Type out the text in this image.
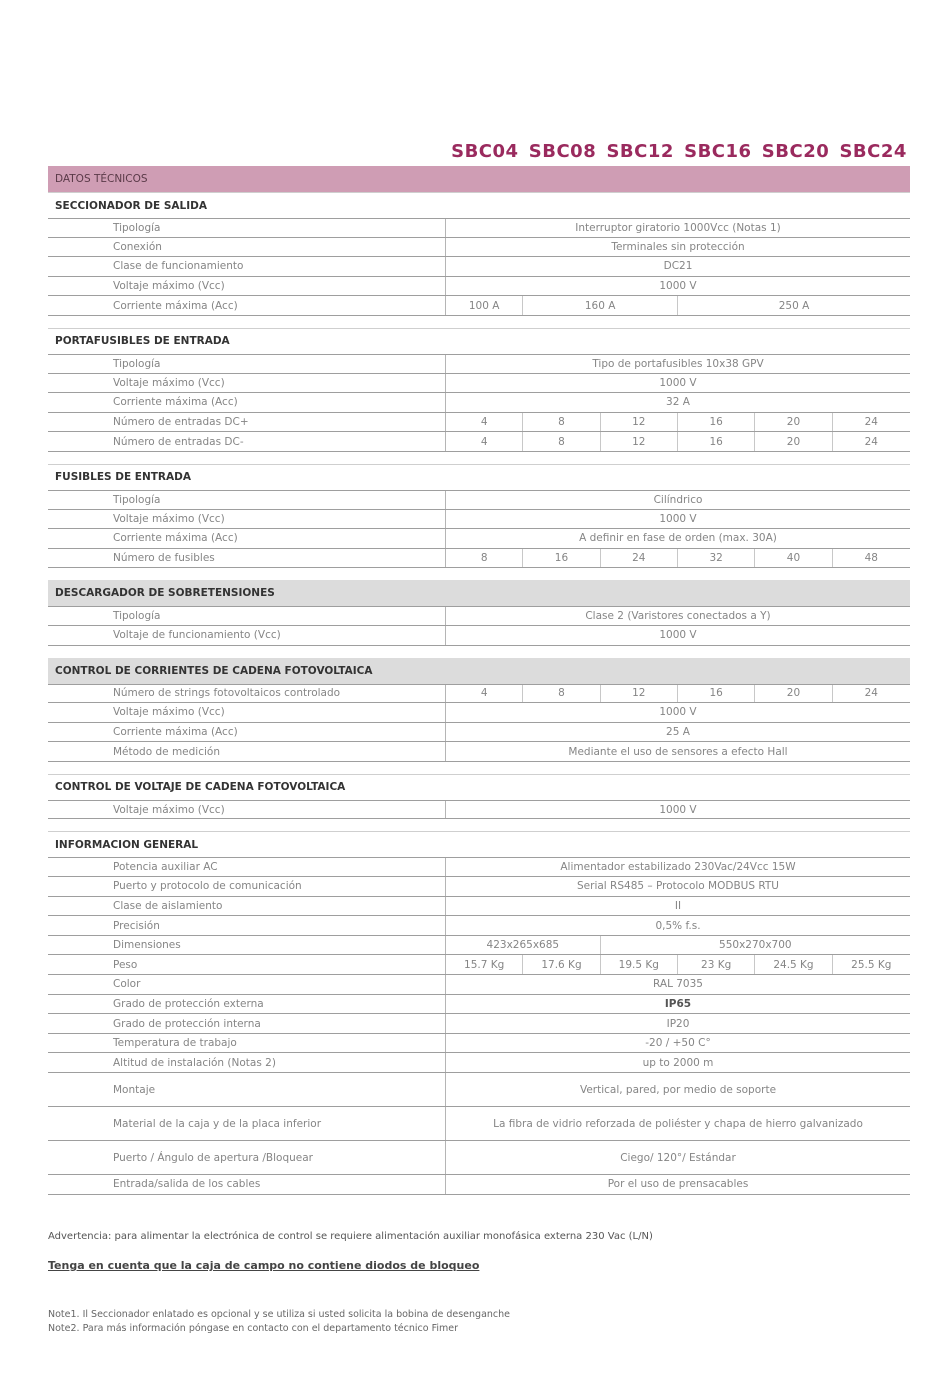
SBC04 SBC08 SBC12 SBC16 SBC20 SBC24
DATOS TÉCNICOS
SECCIONADOR DE SALIDA
Tipología	Interruptor giratorio 1000Vcc (Notas 1)
Conexión	Terminales sin protección
Clase de funcionamiento	DC21
Voltaje máximo (Vcc)	1000 V
Corriente máxima (Acc)	100 A	160 A	250 A
PORTAFUSIBLES DE ENTRADA
Tipología	Tipo de portafusibles 10x38 GPV
Voltaje máximo (Vcc)	1000 V
Corriente máxima (Acc)	32 A
Número de entradas DC+	4	8	12	16	20	24
Número de entradas DC-	4	8	12	16	20	24
FUSIBLES DE ENTRADA
Tipología	Cilíndrico
Voltaje máximo (Vcc)	1000 V
Corriente máxima (Acc)	A definir en fase de orden (max. 30A)
Número de fusibles	8	16	24	32	40	48
DESCARGADOR DE SOBRETENSIONES
Tipología	Clase 2 (Varistores conectados a Y)
Voltaje de funcionamiento (Vcc)	1000 V
CONTROL DE CORRIENTES DE CADENA FOTOVOLTAICA
Número de strings fotovoltaicos controlado	4	8	12	16	20	24
Voltaje máximo (Vcc)	1000 V
Corriente máxima (Acc)	25 A
Método de medición	Mediante el uso de sensores a efecto Hall
CONTROL DE VOLTAJE DE CADENA FOTOVOLTAICA
Voltaje máximo (Vcc)	1000 V
INFORMACION GENERAL
Potencia auxiliar AC	Alimentador estabilizado 230Vac/24Vcc 15W
Puerto y protocolo de comunicación	Serial RS485 – Protocolo MODBUS RTU
Clase de aislamiento	II
Precisión	0,5% f.s.
Dimensiones	423x265x685	550x270x700
Peso	15.7 Kg	17.6 Kg	19.5 Kg	23 Kg	24.5 Kg	25.5 Kg
Color	RAL 7035
Grado de protección externa	IP65
Grado de protección interna	IP20
Temperatura de trabajo	-20 / +50 C°
Altitud de instalación (Notas 2)	up to 2000 m
Montaje	Vertical, pared, por medio de soporte
Material de la caja y de la placa inferior	La fibra de vidrio reforzada de poliéster y chapa de hierro galvanizado
Puerto / Ángulo de apertura /Bloquear	Ciego/ 120°/ Estándar
Entrada/salida de los cables	Por el uso de prensacables
Advertencia: para alimentar la electrónica de control se requiere alimentación auxiliar monofásica externa 230 Vac (L/N)
Tenga en cuenta que la caja de campo no contiene diodos de bloqueo
Note1. Il Seccionador enlatado es opcional y se utiliza si usted solicita la bobina de desenganche
Note2. Para más información póngase en contacto con el departamento técnico Fimer
